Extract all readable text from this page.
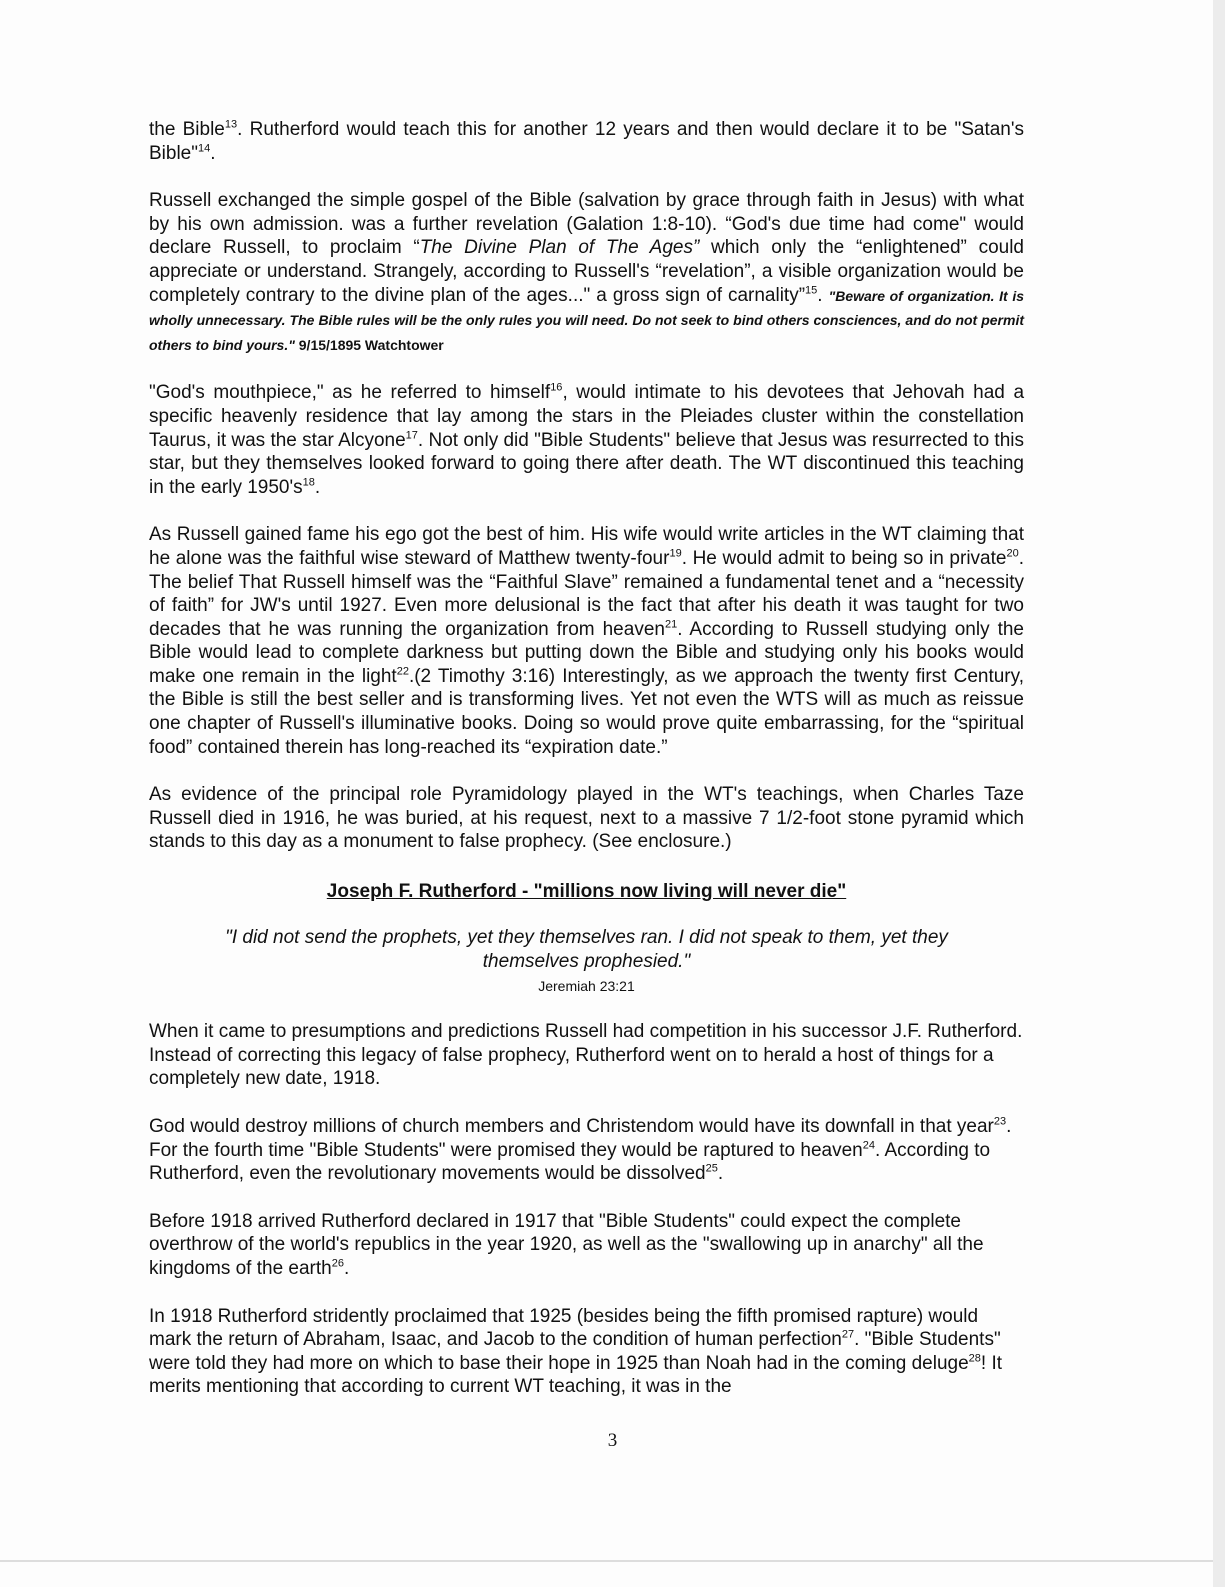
the Bible$^{13}$. Rutherford would teach this for another 12 years and then would declare it to be "Satan's Bible"$^{14}$.

Russell exchanged the simple gospel of the Bible (salvation by grace through faith in Jesus) with what by his own admission. was a further revelation (Galation 1:8-10). “God's due time had come" would declare Russell, to proclaim “The Divine Plan of The Ages” which only the “enlightened” could appreciate or understand. Strangely, according to Russell's “revelation”, a visible organization would be completely contrary to the divine plan of the ages..." a gross sign of carnality”$^{15}$. "Beware of organization. It is wholly unnecessary. The Bible rules will be the only rules you will need. Do not seek to bind others consciences, and do not permit others to bind yours." 9/15/1895 Watchtower

"God's mouthpiece," as he referred to himself$^{16}$, would intimate to his devotees that Jehovah had a specific heavenly residence that lay among the stars in the Pleiades cluster within the constellation Taurus, it was the star Alcyone$^{17}$. Not only did "Bible Students" believe that Jesus was resurrected to this star, but they themselves looked forward to going there after death. The WT discontinued this teaching in the early $1950's^{18}$.

As Russell gained fame his ego got the best of him. His wife would write articles in the WT claiming that he alone was the faithful wise steward of Matthew twenty-four$^{19}$. He would admit to being so in private$^{20}$. The belief That Russell himself was the “Faithful Slave” remained a fundamental tenet and a “necessity of faith” for JW's until 1927. Even more delusional is the fact that after his death it was taught for two decades that he was running the organization from heaven$^{21}$. According to Russell studying only the Bible would lead to complete darkness but putting down the Bible and studying only his books would make one remain in the light$^{22}$.(2 Timothy 3:16) Interestingly, as we approach the twenty first Century, the Bible is still the best seller and is transforming lives. Yet not even the WTS will as much as reissue one chapter of Russell's illuminative books. Doing so would prove quite embarrassing, for the “spiritual food” contained therein has long-reached its “expiration date.”

As evidence of the principal role Pyramidology played in the WT's teachings, when Charles Taze Russell died in 1916, he was buried, at his request, next to a massive 7 1/2-foot stone pyramid which stands to this day as a monument to false prophecy. (See enclosure.)

Joseph F. Rutherford - "millions now living will never die"

"I did not send the prophets, yet they themselves ran. I did not speak to them, yet they themselves prophesied."

Jeremiah 23:21

When it came to presumptions and predictions Russell had competition in his successor J.F. Rutherford. Instead of correcting this legacy of false prophecy, Rutherford went on to herald a host of things for a completely new date, 1918.

God would destroy millions of church members and Christendom would have its downfall in that year$^{23}$. For the fourth time "Bible Students" were promised they would be raptured to heaven$^{24}$. According to Rutherford, even the revolutionary movements would be dissolved$^{25}$.

Before 1918 arrived Rutherford declared in 1917 that "Bible Students" could expect the complete overthrow of the world's republics in the year 1920, as well as the "swallowing up in anarchy" all the kingdoms of the earth$^{26}$.

In 1918 Rutherford stridently proclaimed that 1925 (besides being the fifth promised rapture) would mark the return of Abraham, Isaac, and Jacob to the condition of human perfection$^{27}$. "Bible Students" were told they had more on which to base their hope in 1925 than Noah had in the coming deluge$^{28}$! It merits mentioning that according to current WT teaching, it was in the

3
